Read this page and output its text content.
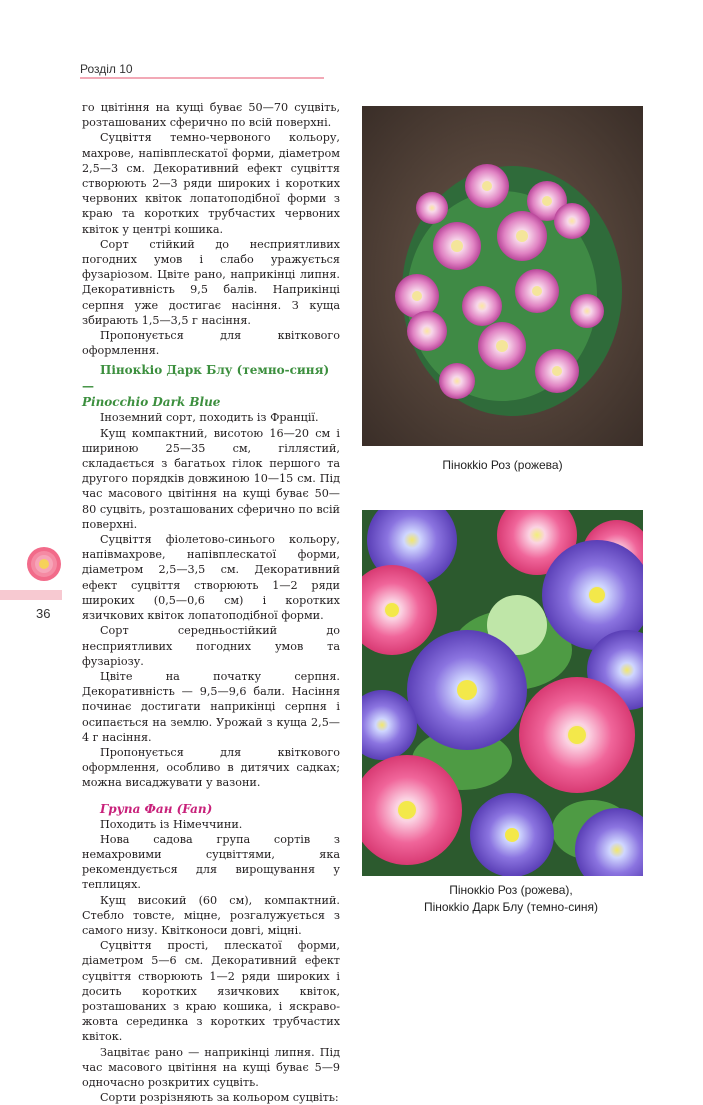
Розділ 10
36

го цвітіння на кущі буває 50—70 суцвіть, розташованих сферично по всій поверхні.

Суцвіття темно-червоного кольору, махрове, напівплескатої форми, діаметром 2,5—3 см. Декоративний ефект суцвіття створюють 2—3 ряди широких і коротких червоних квіток лопатоподібної форми з краю та коротких трубчастих червоних квіток у центрі кошика.

Сорт стійкий до несприятливих погодних умов і слабо уражується фузаріозом. Цвіте рано, наприкінці липня. Декоративність 9,5 балів. Наприкінці серпня уже достигає насіння. З куща збирають 1,5—3,5 г насіння.

Пропонується для квіткового оформлення.

Пінокkіо Дарк Блу (темно-синя) —
Pinocchio Dark Blue

Іноземний сорт, походить із Франції.

Кущ компактний, висотою 16—20 см і шириною 25—35 см, гіллястий, складається з багатьох гілок першого та другого порядків довжиною 10—15 см. Під час масового цвітіння на кущі буває 50—80 суцвіть, розташованих сферично по всій поверхні.

Суцвіття фіолетово-синього кольору, напівмахрове, напівплескатої форми, діаметром 2,5—3,5 см. Декоративний ефект суцвіття створюють 1—2 ряди широких (0,5—0,6 см) і коротких язичкових квіток лопатоподібної форми.

Сорт середньостійкий до несприятливих погодних умов та фузаріозу.

Цвіте на початку серпня. Декоративність — 9,5—9,6 бали. Насіння починає достигати наприкінці серпня і осипається на землю. Урожай з куща 2,5—4 г насіння.

Пропонується для квіткового оформлення, особливо в дитячих садках; можна висаджувати у вазони.

Група Фан (Fan)

Походить із Німеччини.

Нова садова група сортів з немахровими суцвіттями, яка рекомендується для вирощування у теплицях.

Кущ високий (60 см), компактний. Стебло товсте, міцне, розгалужується з самого низу. Квітконоси довгі, міцні.

Суцвіття прості, плескатої форми, діаметром 5—6 см. Декоративний ефект суцвіття створюють 1—2 ряди широких і досить коротких язичкових квіток, розташованих з краю кошика, і яскраво-жовта серединка з коротких трубчастих квіток.

Зацвітає рано — наприкінці липня. Під час масового цвітіння на кущі буває 5—9 одночасно розкритих суцвіть.

Сорти розрізняють за кольором суцвіть:

Пінокkіо Роз (рожева)
Пінокkіо Роз (рожева),
Пінокkіо Дарк Блу (темно-синя)
